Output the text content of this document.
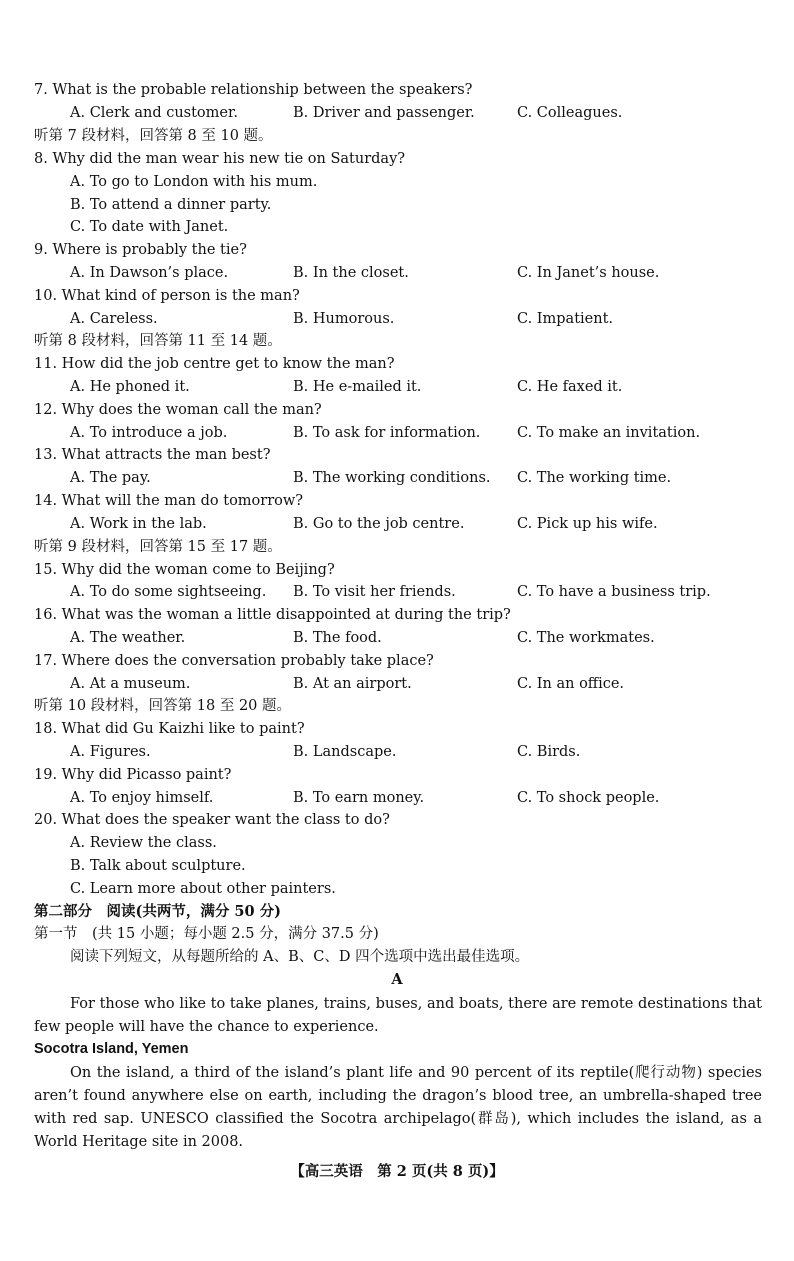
7. What is the probable relationship between the speakers?
A. Clerk and customer.	B. Driver and passenger.	C. Colleagues.
听第 7 段材料，回答第 8 至 10 题。
8. Why did the man wear his new tie on Saturday?
A. To go to London with his mum.
B. To attend a dinner party.
C. To date with Janet.
9. Where is probably the tie?
A. In Dawson’s place.	B. In the closet.	C. In Janet’s house.
10. What kind of person is the man?
A. Careless.	B. Humorous.	C. Impatient.
听第 8 段材料，回答第 11 至 14 题。
11. How did the job centre get to know the man?
A. He phoned it.	B. He e-mailed it.	C. He faxed it.
12. Why does the woman call the man?
A. To introduce a job.	B. To ask for information.	C. To make an invitation.
13. What attracts the man best?
A. The pay.	B. The working conditions. C. The working time.
14. What will the man do tomorrow?
A. Work in the lab.	B. Go to the job centre.	C. Pick up his wife.
听第 9 段材料，回答第 15 至 17 题。
15. Why did the woman come to Beijing?
A. To do some sightseeing. B. To visit her friends.	C. To have a business trip.
16. What was the woman a little disappointed at during the trip?
A. The weather.	B. The food.	C. The workmates.
17. Where does the conversation probably take place?
A. At a museum.	B. At an airport.	C. In an office.
听第 10 段材料，回答第 18 至 20 题。
18. What did Gu Kaizhi like to paint?
A. Figures.	B. Landscape.	C. Birds.
19. Why did Picasso paint?
A. To enjoy himself.	B. To earn money.	C. To shock people.
20. What does the speaker want the class to do?
A. Review the class.
B. Talk about sculpture.
C. Learn more about other painters.
第二部分　阅读(共两节，满分 50 分)
第一节　(共 15 小题；每小题 2.5 分，满分 37.5 分)
阅读下列短文，从每题所给的 A、B、C、D 四个选项中选出最佳选项。
A
For those who like to take planes, trains, buses, and boats, there are remote destinations that few people will have the chance to experience.
Socotra Island, Yemen
On the island, a third of the island’s plant life and 90 percent of its reptile(爬行动物) species aren’t found anywhere else on earth, including the dragon’s blood tree, an umbrella-shaped tree with red sap. UNESCO classified the Socotra archipelago(群岛), which includes the island, as a World Heritage site in 2008.
【高三英语　第 2 页(共 8 页)】
